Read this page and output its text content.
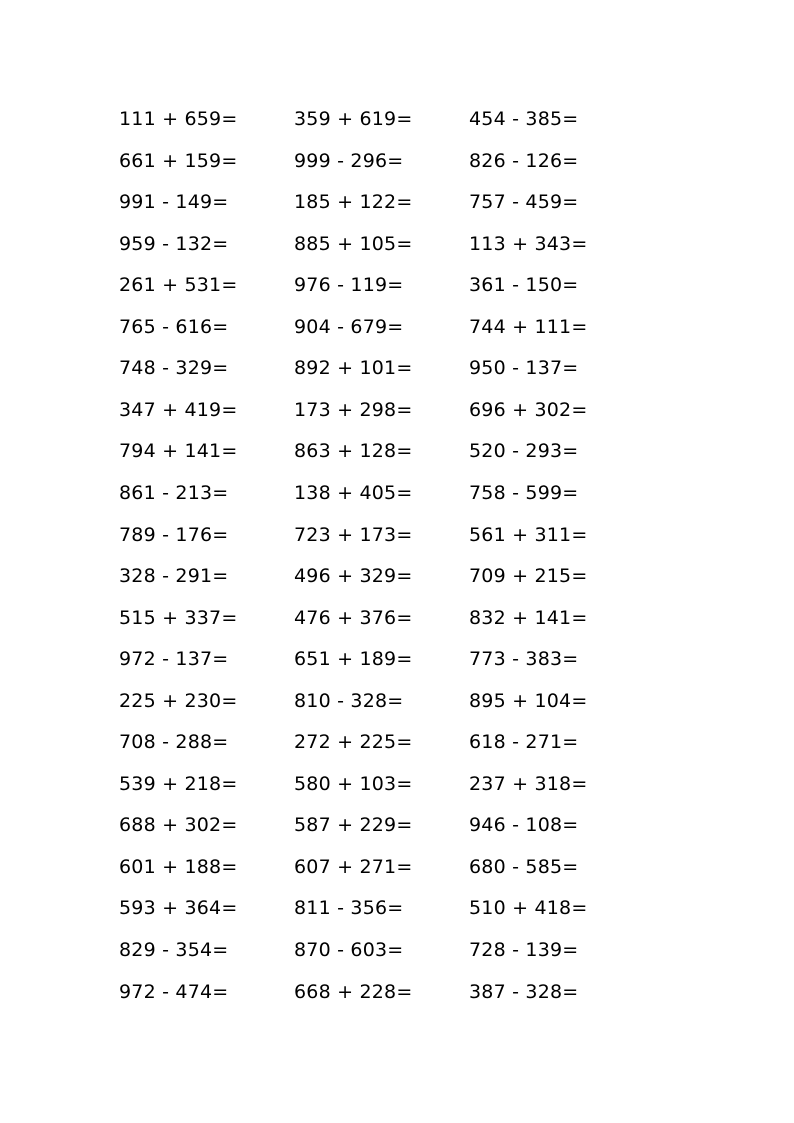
111 + 659=
661 + 159=
991 - 149=
959 - 132=
261 + 531=
765 - 616=
748 - 329=
347 + 419=
794 + 141=
861 - 213=
789 - 176=
328 - 291=
515 + 337=
972 - 137=
225 + 230=
708 - 288=
539 + 218=
688 + 302=
601 + 188=
593 + 364=
829 - 354=
972 - 474=
359 + 619=
999 - 296=
185 + 122=
885 + 105=
976 - 119=
904 - 679=
892 + 101=
173 + 298=
863 + 128=
138 + 405=
723 + 173=
496 + 329=
476 + 376=
651 + 189=
810 - 328=
272 + 225=
580 + 103=
587 + 229=
607 + 271=
811 - 356=
870 - 603=
668 + 228=
454 - 385=
826 - 126=
757 - 459=
113 + 343=
361 - 150=
744 + 111=
950 - 137=
696 + 302=
520 - 293=
758 - 599=
561 + 311=
709 + 215=
832 + 141=
773 - 383=
895 + 104=
618 - 271=
237 + 318=
946 - 108=
680 - 585=
510 + 418=
728 - 139=
387 - 328=
